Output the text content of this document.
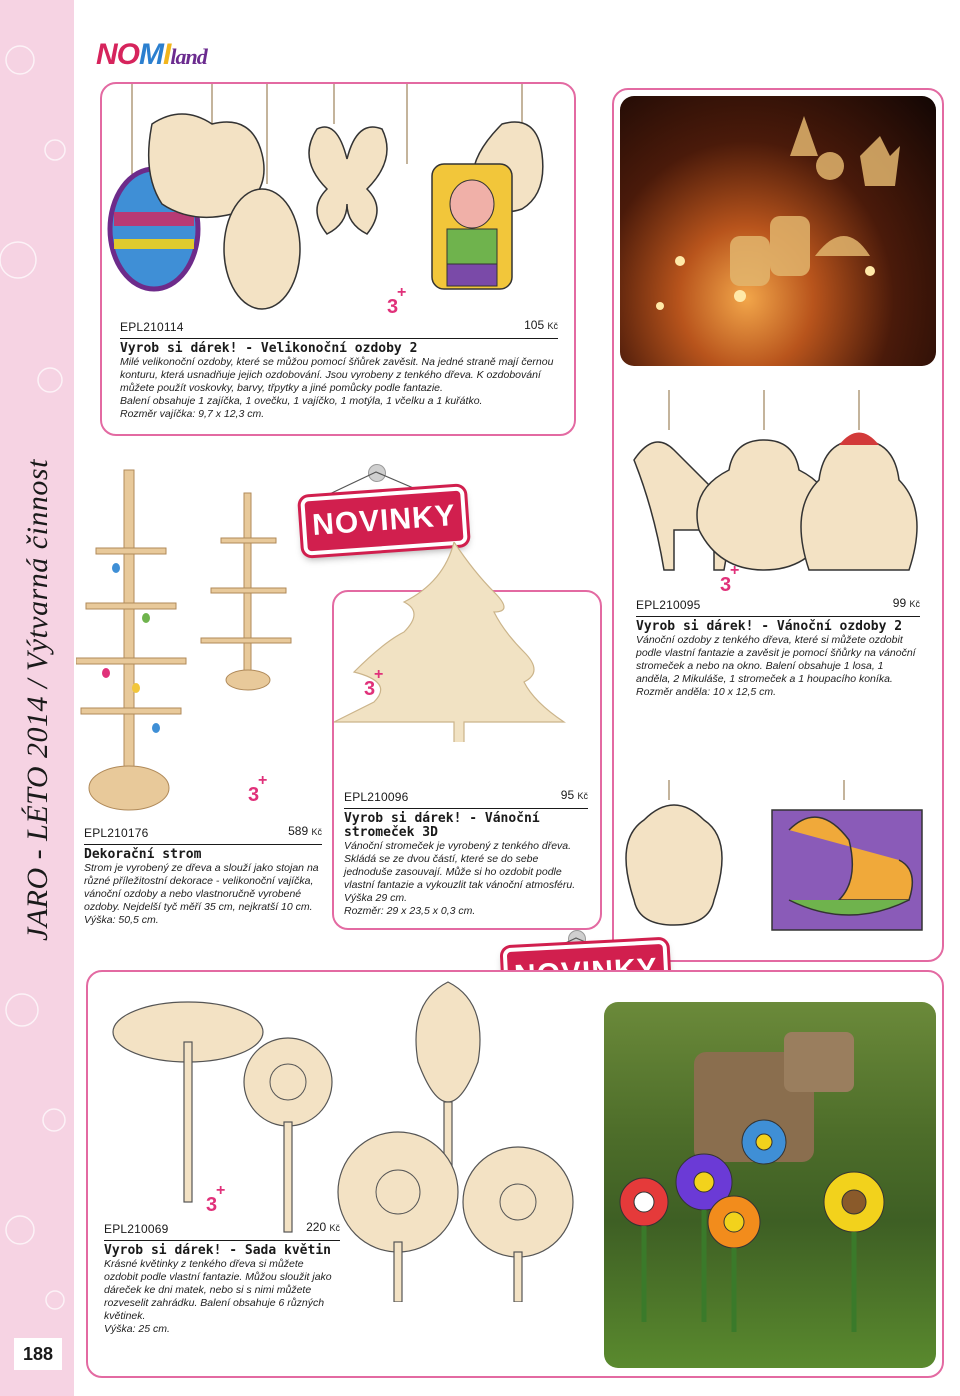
JARO - LÉTO 2014 / Výtvarná činnost
188
NOMIland
3
+
EPL210114	105 Kč
Vyrob si dárek! - Velikonoční ozdoby 2
Milé velikonoční ozdoby, které se můžou pomocí šňůrek zavěsit. Na jedné straně mají černou konturu, která usnadňuje jejich ozdobování. Jsou vyrobeny z tenkého dřeva. K ozdobování můžete použít voskovky, barvy, třpytky a jiné pomůcky podle fantazie.
Balení obsahuje 1 zajíčka, 1 ovečku, 1 vajíčko, 1 motýla, 1 včelku a 1 kuřátko.
Rozměr vajíčka: 9,7 x 12,3 cm.
3
+
EPL210095	99 Kč
Vyrob si dárek! - Vánoční ozdoby 2
Vánoční ozdoby z tenkého dřeva, které si můžete ozdobit podle vlastní fantazie a zavěsit je pomocí šňůrky na vánoční stromeček a nebo na okno. Balení obsahuje 1 losa, 1 anděla, 2 Mikuláše, 1 stromeček a 1 houpacího koníka.
Rozměr anděla: 10 x 12,5 cm.
3
+
EPL210176	589 Kč
Dekorační strom
Strom je vyrobený ze dřeva a slouží jako stojan na různé příležitostní dekorace - velikonoční vajíčka, vánoční ozdoby a nebo vlastnoručně vyrobené ozdoby. Nejdelší tyč měří 35 cm, nejkratší 10 cm.
Výška: 50,5 cm.
NOVINKY
3
+
EPL210096	95 Kč
Vyrob si dárek! - Vánoční stromeček 3D
Vánoční stromeček je vyrobený z tenkého dřeva. Skládá se ze dvou částí, které se do sebe jednoduše zasouvají. Může si ho ozdobit podle vlastní fantazie a vykouzlit tak vánoční atmosféru. Výška 29 cm.
Rozměr: 29 x 23,5 x 0,3 cm.
3
+
EPL210069	220 Kč
Vyrob si dárek! - Sada květin
Krásné květinky z tenkého dřeva si můžete ozdobit podle vlastní fantazie. Můžou sloužit jako dáreček ke dni matek, nebo si s nimi můžete rozveselit zahrádku. Balení obsahuje 6 různých květinek.
Výška: 25 cm.
